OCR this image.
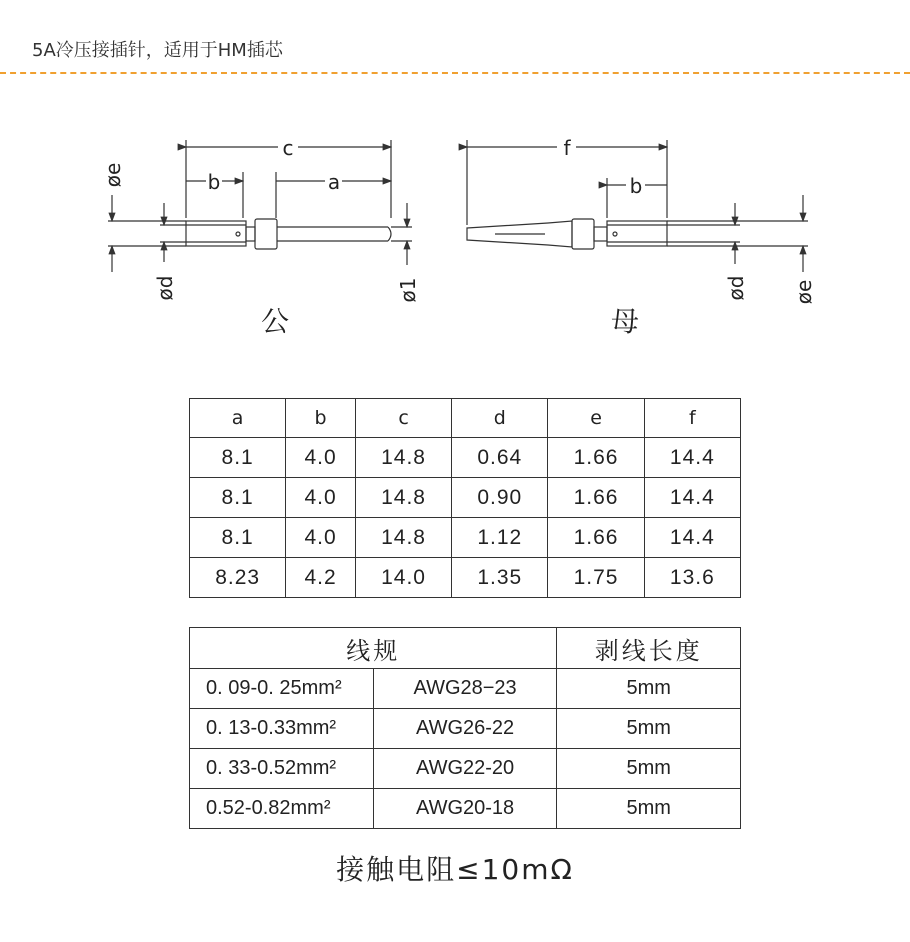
5A冷压接插针，适用于HM插芯
c
b	a
f
b
øe
ød	ø1	ød øe
公	母
a	b	c	d	e	f
8.1	4.0	14.8	0.64	1.66	14.4
8.1	4.0	14.8	0.90	1.66	14.4
8.1	4.0	14.8	1.12	1.66	14.4
8.23	4.2	14.0	1.35	1.75	13.6
线规		剥线长度
0. 09-0. 25mm²	AWG28−23	5mm
0. 13-0.33mm²	AWG26-22	5mm
0. 33-0.52mm²	AWG22-20	5mm
0.52-0.82mm²	AWG20-18	5mm
接触电阻≤10mΩ
